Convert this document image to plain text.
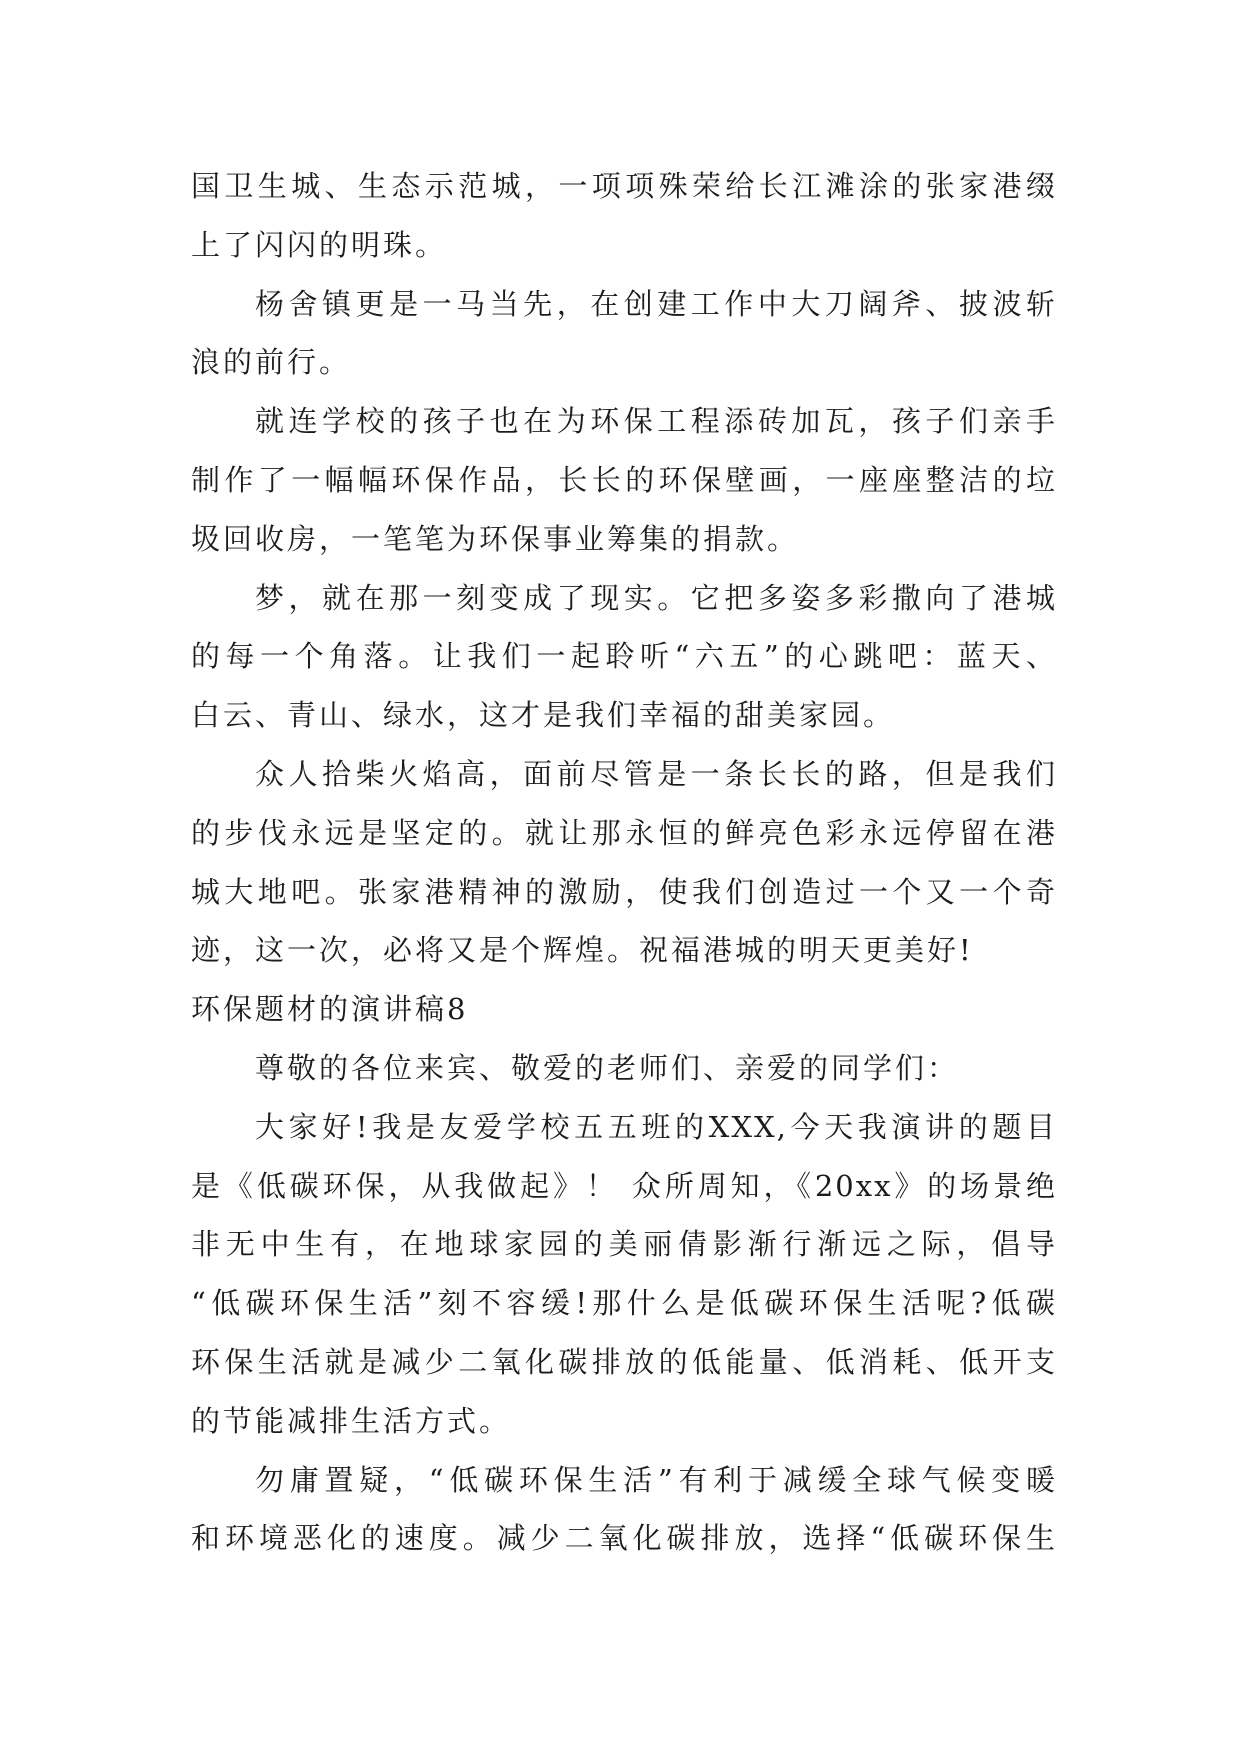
国卫生城、生态示范城，一项项殊荣给长江滩涂的张家港缀
上了闪闪的明珠。
杨舍镇更是一马当先，在创建工作中大刀阔斧、披波斩
浪的前行。
就连学校的孩子也在为环保工程添砖加瓦，孩子们亲手
制作了一幅幅环保作品，长长的环保壁画，一座座整洁的垃
圾回收房，一笔笔为环保事业筹集的捐款。
梦，就在那一刻变成了现实。它把多姿多彩撒向了港城
的每一个角落。让我们一起聆听“六五”的心跳吧：蓝天、
白云、青山、绿水，这才是我们幸福的甜美家园。
众人拾柴火焰高，面前尽管是一条长长的路，但是我们
的步伐永远是坚定的。就让那永恒的鲜亮色彩永远停留在港
城大地吧。张家港精神的激励，使我们创造过一个又一个奇
迹，这一次，必将又是个辉煌。祝福港城的明天更美好!
环保题材的演讲稿8
尊敬的各位来宾、敬爱的老师们、亲爱的同学们：
大家好!我是友爱学校五五班的XXX,今天我演讲的题目
是《低碳环保，从我做起》！ 众所周知，《20xx》的场景绝
非无中生有，在地球家园的美丽倩影渐行渐远之际，倡导
“低碳环保生活”刻不容缓!那什么是低碳环保生活呢?低碳
环保生活就是减少二氧化碳排放的低能量、低消耗、低开支
的节能减排生活方式。
勿庸置疑，“低碳环保生活”有利于减缓全球气候变暖
和环境恶化的速度。减少二氧化碳排放，选择“低碳环保生
